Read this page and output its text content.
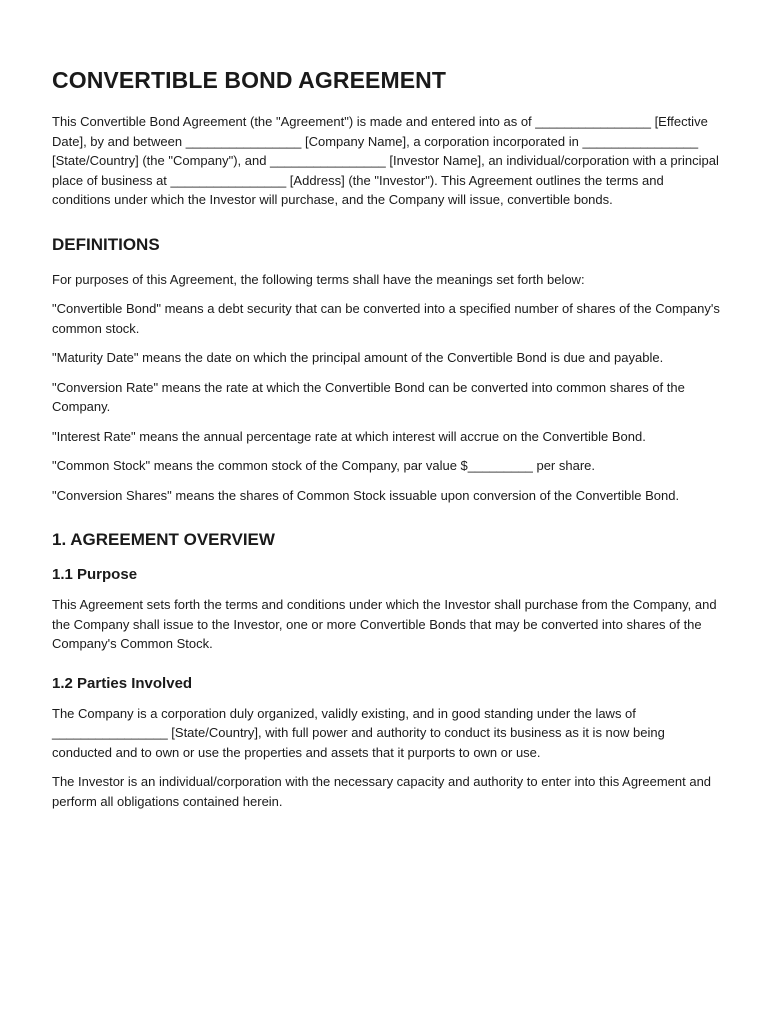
CONVERTIBLE BOND AGREEMENT

This Convertible Bond Agreement (the "Agreement") is made and entered into as of ________________ [Effective Date], by and between ________________ [Company Name], a corporation incorporated in ________________ [State/Country] (the "Company"), and ________________ [Investor Name], an individual/corporation with a principal place of business at ________________ [Address] (the "Investor"). This Agreement outlines the terms and conditions under which the Investor will purchase, and the Company will issue, convertible bonds.

DEFINITIONS

For purposes of this Agreement, the following terms shall have the meanings set forth below:

"Convertible Bond" means a debt security that can be converted into a specified number of shares of the Company's common stock.

"Maturity Date" means the date on which the principal amount of the Convertible Bond is due and payable.

"Conversion Rate" means the rate at which the Convertible Bond can be converted into common shares of the Company.

"Interest Rate" means the annual percentage rate at which interest will accrue on the Convertible Bond.

"Common Stock" means the common stock of the Company, par value $_________ per share.

"Conversion Shares" means the shares of Common Stock issuable upon conversion of the Convertible Bond.

1. AGREEMENT OVERVIEW
1.1 Purpose

This Agreement sets forth the terms and conditions under which the Investor shall purchase from the Company, and the Company shall issue to the Investor, one or more Convertible Bonds that may be converted into shares of the Company's Common Stock.

1.2 Parties Involved

The Company is a corporation duly organized, validly existing, and in good standing under the laws of ________________ [State/Country], with full power and authority to conduct its business as it is now being conducted and to own or use the properties and assets that it purports to own or use.

The Investor is an individual/corporation with the necessary capacity and authority to enter into this Agreement and perform all obligations contained herein.
